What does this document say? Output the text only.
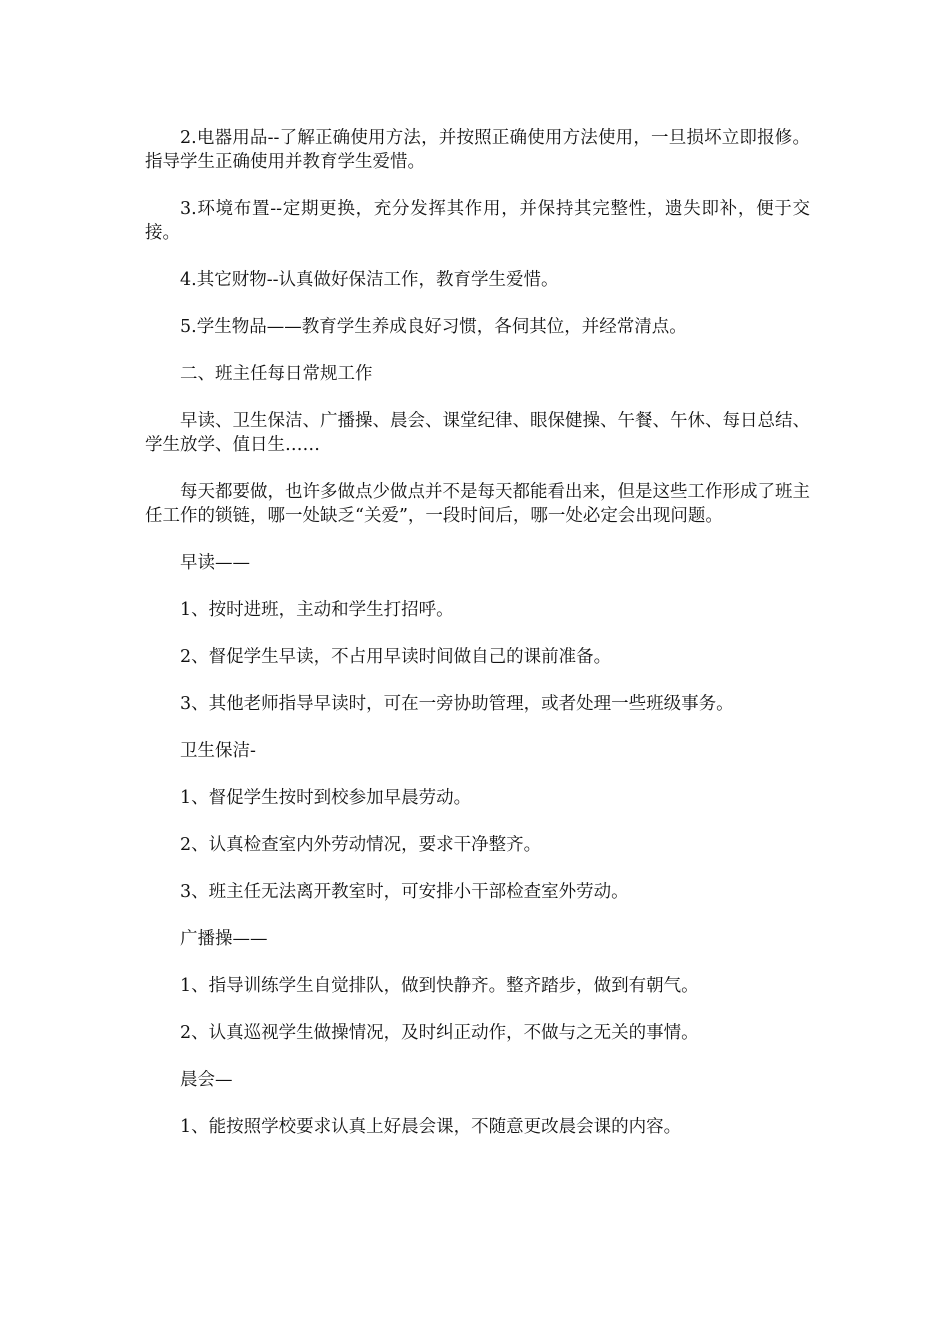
2.电器用品--了解正确使用方法，并按照正确使用方法使用，一旦损坏立即报修。指导学生正确使用并教育学生爱惜。

3.环境布置--定期更换，充分发挥其作用，并保持其完整性，遗失即补，便于交接。

4.其它财物--认真做好保洁工作，教育学生爱惜。

5.学生物品——教育学生养成良好习惯，各伺其位，并经常清点。

二、班主任每日常规工作

早读、卫生保洁、广播操、晨会、课堂纪律、眼保健操、午餐、午休、每日总结、学生放学、值日生……

每天都要做，也许多做点少做点并不是每天都能看出来，但是这些工作形成了班主任工作的锁链，哪一处缺乏“关爱”，一段时间后，哪一处必定会出现问题。

早读——

1、按时进班，主动和学生打招呼。

2、督促学生早读，不占用早读时间做自己的课前准备。

3、其他老师指导早读时，可在一旁协助管理，或者处理一些班级事务。

卫生保洁-

1、督促学生按时到校参加早晨劳动。

2、认真检查室内外劳动情况，要求干净整齐。

3、班主任无法离开教室时，可安排小干部检查室外劳动。

广播操——

1、指导训练学生自觉排队，做到快静齐。整齐踏步，做到有朝气。

2、认真巡视学生做操情况，及时纠正动作，不做与之无关的事情。

晨会—

1、能按照学校要求认真上好晨会课，不随意更改晨会课的内容。
